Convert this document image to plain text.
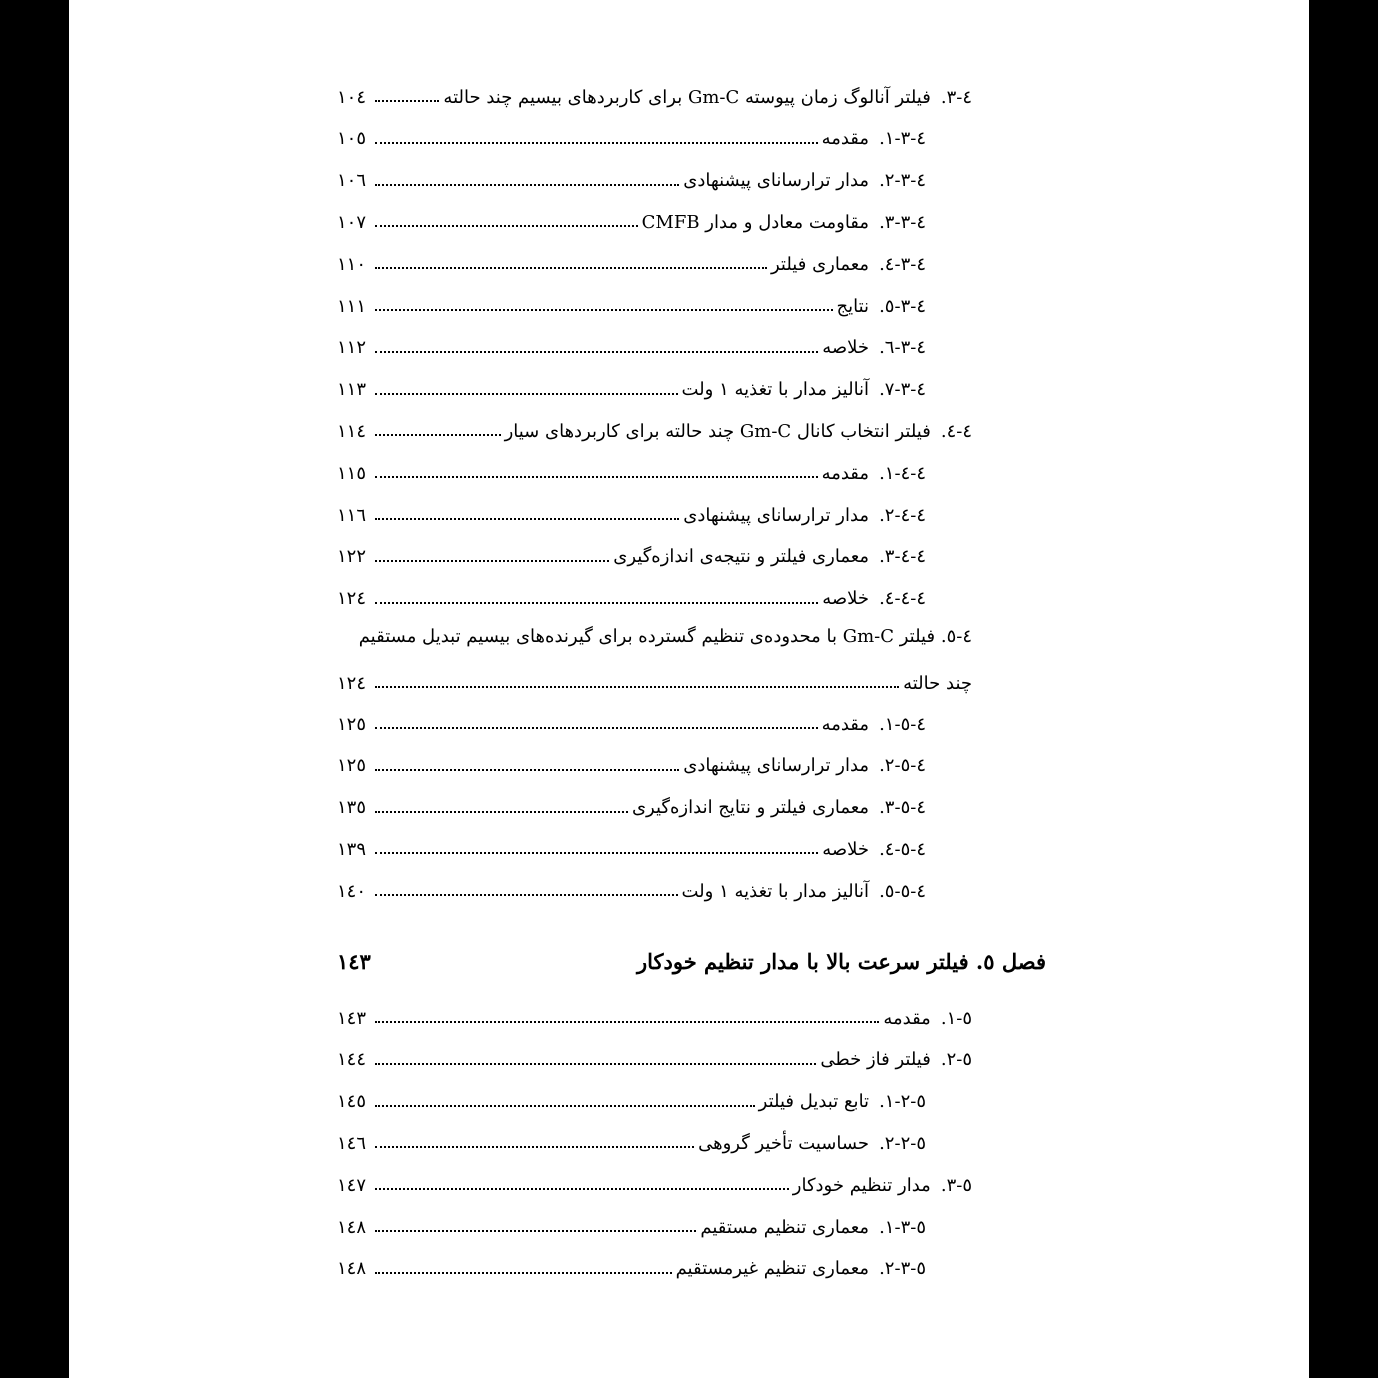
٤-٣.
فیلتر آنالوگ زمان پیوسته Gm-C برای کاربردهای بیسیم چند حالته
١٠٤
٤-٣-١.
مقدمه
١٠٥
٤-٣-٢.
مدار ترارسانای پیشنهادی
١٠٦
٤-٣-٣.
مقاومت معادل و مدار CMFB
١٠٧
٤-٣-٤.
معماری فیلتر
١١٠
٤-٣-٥.
نتایج
١١١
٤-٣-٦.
خلاصه
١١٢
٤-٣-٧.
آنالیز مدار با تغذیه ١ ولت
١١٣
٤-٤.
فیلتر انتخاب کانال Gm-C چند حالته برای کاربردهای سیار
١١٤
٤-٤-١.
مقدمه
١١٥
٤-٤-٢.
مدار ترارسانای پیشنهادی
١١٦
٤-٤-٣.
معماری فیلتر و نتیجه‌ی اندازه‌گیری
١٢٢
٤-٤-٤.
خلاصه
١٢٤
٤-٥-١.
مقدمه
١٢٥
٤-٥-٢.
مدار ترارسانای پیشنهادی
١٢٥
٤-٥-٣.
معماری فیلتر و نتایج اندازه‌گیری
١٣٥
٤-٥-٤.
خلاصه
١٣٩
٤-٥-٥.
آنالیز مدار با تغذیه ١ ولت
١٤٠
٥-١.
مقدمه
١٤٣
٥-٢.
فیلتر فاز خطی
١٤٤
٥-٢-١.
تابع تبدیل فیلتر
١٤٥
٥-٢-٢.
حساسیت تأخیر گروهی
١٤٦
٥-٣.
مدار تنظیم خودکار
١٤٧
٥-٣-١.
معماری تنظیم مستقیم
١٤٨
٥-٣-٢.
معماری تنظیم غیرمستقیم
١٤٨
٤-٥. فیلتر Gm-C با محدوده‌ی تنظیم گسترده برای گیرنده‌های بیسیم تبدیل مستقیم
چند حالته
١٢٤
فصل ٥. فیلتر سرعت بالا با مدار تنظیم خودکار
١٤٣
